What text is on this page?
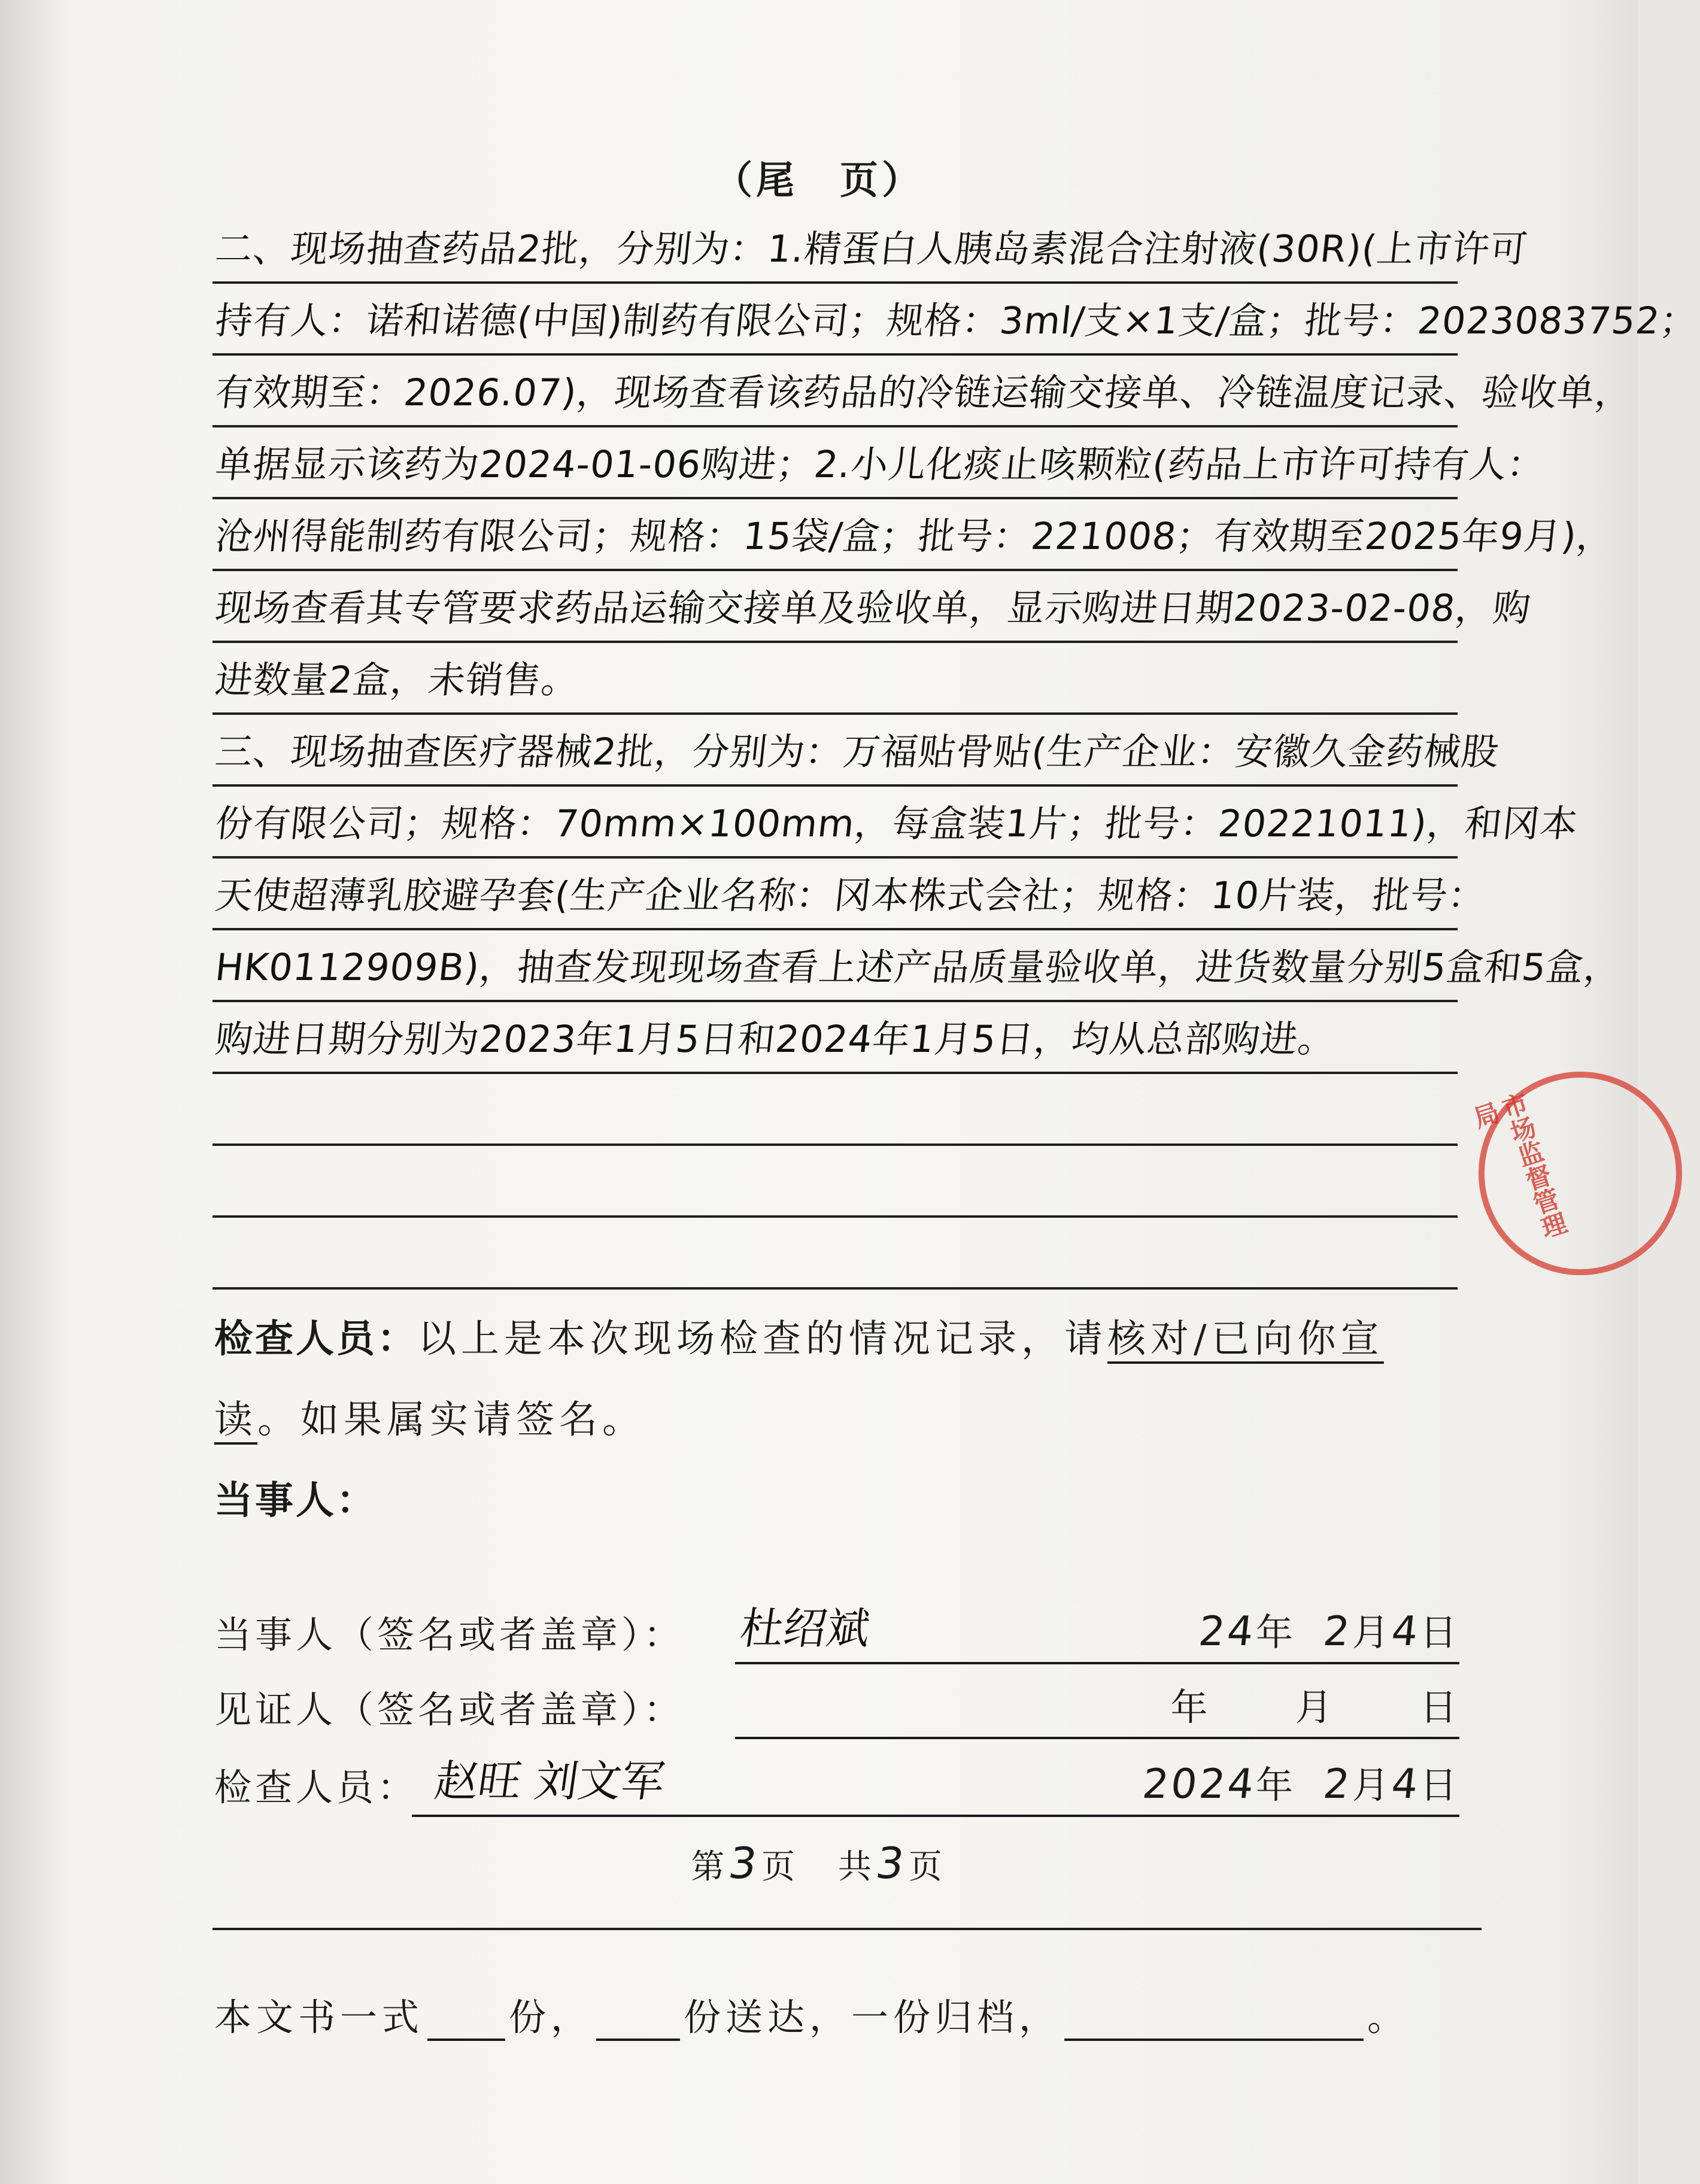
（尾　页）
二、现场抽查药品2批，分别为：1.精蛋白人胰岛素混合注射液(30R)(上市许可
持有人：诺和诺德(中国)制药有限公司；规格：3ml/支×1支/盒；批号：2023083752；
有效期至：2026.07)，现场查看该药品的冷链运输交接单、冷链温度记录、验收单，
单据显示该药为2024-01-06购进；2.小儿化痰止咳颗粒(药品上市许可持有人：
沧州得能制药有限公司；规格：15袋/盒；批号：221008；有效期至2025年9月)，
现场查看其专管要求药品运输交接单及验收单，显示购进日期2023-02-08，购
进数量2盒，未销售。
三、现场抽查医疗器械2批，分别为：万福贴骨贴(生产企业：安徽久金药械股
份有限公司；规格：70mm×100mm，每盒装1片；批号：20221011)，和冈本
天使超薄乳胶避孕套(生产企业名称：冈本株式会社；规格：10片装，批号：
HK0112909B)，抽查发现现场查看上述产品质量验收单，进货数量分别5盒和5盒，
购进日期分别为2023年1月5日和2024年1月5日，均从总部购进。
市场监督管理局
检查人员：以上是本次现场检查的情况记录，请核对/已向你宣
读。如果属实请签名。
当事人：
当事人（签名或者盖章）： 杜绍斌	24年 2月4日
见证人（签名或者盖章）：	年 月 日
检查人员： 赵旺 刘文军	2024年 2月4日
第3页　共3页
本文书一式 份， 份送达，一份归档，	。
